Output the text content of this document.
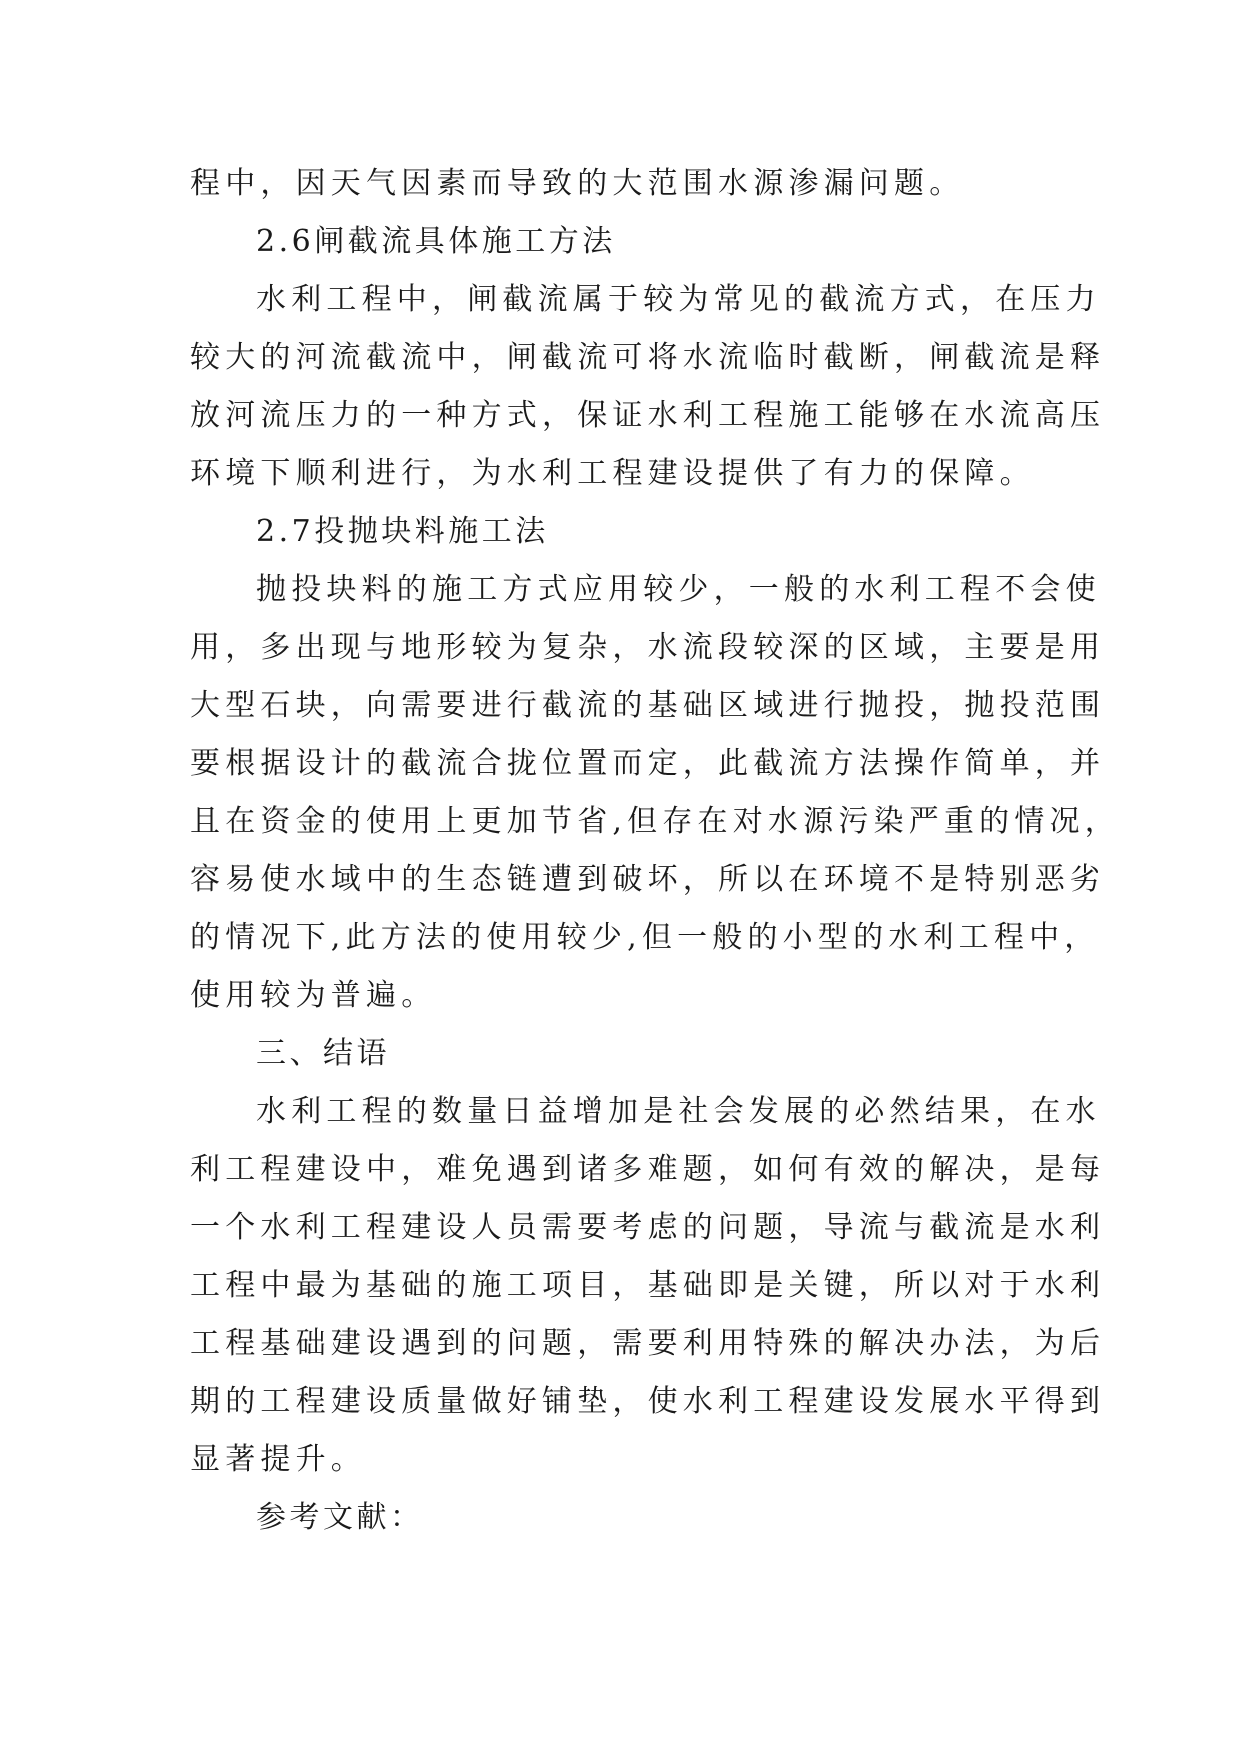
程中，因天气因素而导致的大范围水源渗漏问题。
2.6闸截流具体施工方法
水利工程中，闸截流属于较为常见的截流方式，在压力
较大的河流截流中，闸截流可将水流临时截断，闸截流是释
放河流压力的一种方式，保证水利工程施工能够在水流高压
环境下顺利进行，为水利工程建设提供了有力的保障。
2.7投抛块料施工法
抛投块料的施工方式应用较少，一般的水利工程不会使
用，多出现与地形较为复杂，水流段较深的区域，主要是用
大型石块，向需要进行截流的基础区域进行抛投，抛投范围
要根据设计的截流合拢位置而定，此截流方法操作简单，并
且在资金的使用上更加节省,但存在对水源污染严重的情况，
容易使水域中的生态链遭到破坏，所以在环境不是特别恶劣
的情况下,此方法的使用较少,但一般的小型的水利工程中，
使用较为普遍。
三、结语
水利工程的数量日益增加是社会发展的必然结果，在水
利工程建设中，难免遇到诸多难题，如何有效的解决，是每
一个水利工程建设人员需要考虑的问题，导流与截流是水利
工程中最为基础的施工项目，基础即是关键，所以对于水利
工程基础建设遇到的问题，需要利用特殊的解决办法，为后
期的工程建设质量做好铺垫，使水利工程建设发展水平得到
显著提升。
参考文献：
